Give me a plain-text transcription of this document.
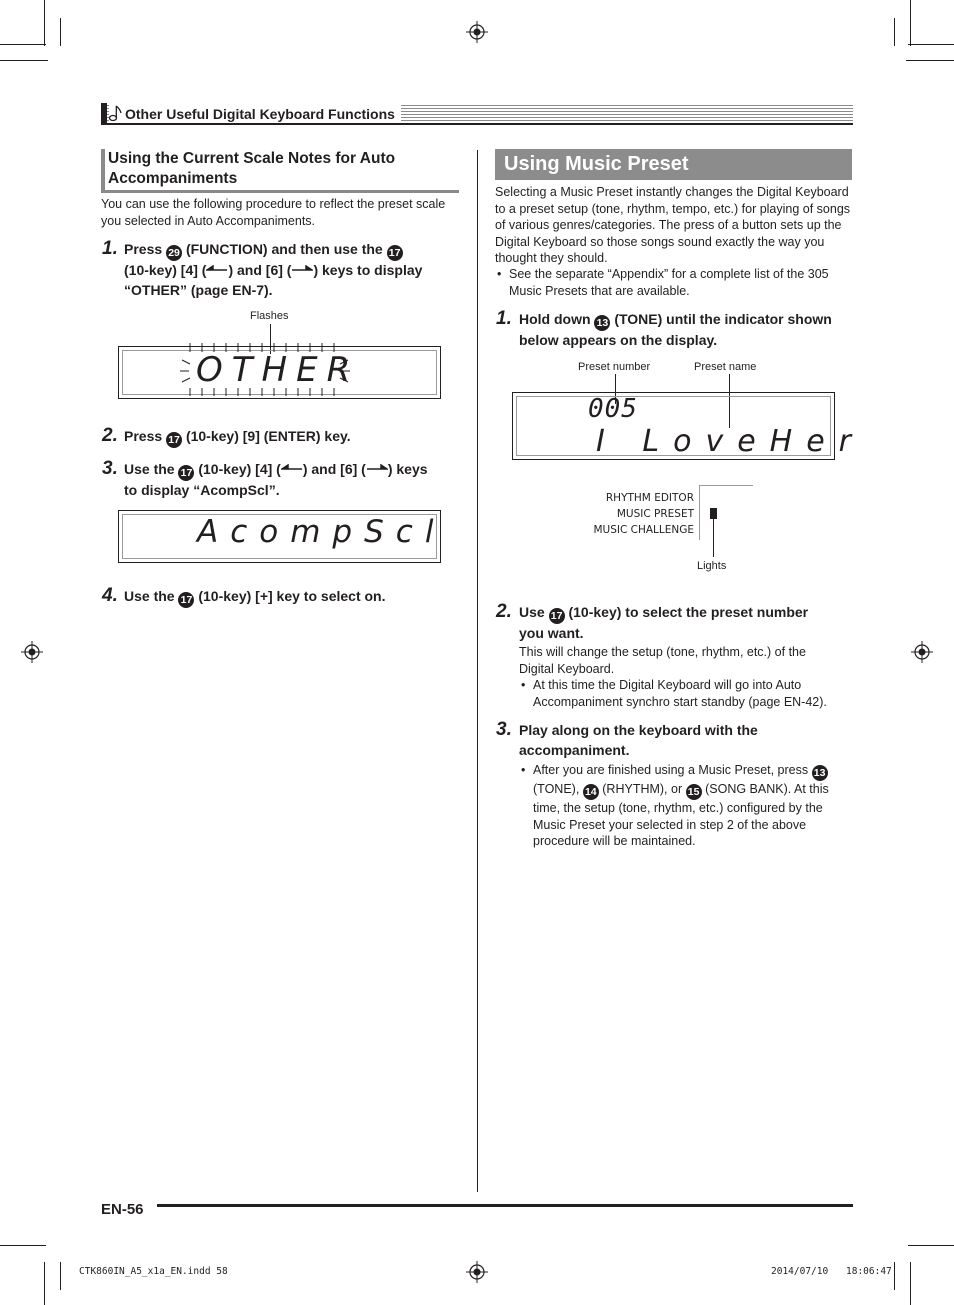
Other Useful Digital Keyboard Functions
Using the Current Scale Notes for Auto Accompaniments
You can use the following procedure to reflect the preset scale you selected in Auto Accompaniments.
1. Press 29 (FUNCTION) and then use the 17
(10-key) [4] ( ) and [6] ( ) keys to display
“OTHER” (page EN-7).
Flashes
OTHER
2. Press 17 (10-key) [9] (ENTER) key.
3. Use the 17 (10-key) [4] ( ) and [6] ( ) keys
to display “AcompScl”.
AcompScl
4. Use the 17 (10-key) [+] key to select on.
Using Music Preset
Selecting a Music Preset instantly changes the Digital Keyboard to a preset setup (tone, rhythm, tempo, etc.) for playing of songs of various genres/categories. The press of a button sets up the Digital Keyboard so those songs sound exactly the way you thought they should.
• See the separate “Appendix” for a complete list of the 305 Music Presets that are available.
1. Hold down 13 (TONE) until the indicator shown
below appears on the display.
Preset number	Preset name
005
I LoveHer
RHYTHM EDITOR
MUSIC PRESET
MUSIC CHALLENGE
Lights
2. Use 17 (10-key) to select the preset number
you want.
This will change the setup (tone, rhythm, etc.) of the Digital Keyboard.
• At this time the Digital Keyboard will go into Auto Accompaniment synchro start standby (page EN-42).
3. Play along on the keyboard with the
accompaniment.
• After you are finished using a Music Preset, press 13
(TONE), 14 (RHYTHM), or 15 (SONG BANK). At this
time, the setup (tone, rhythm, etc.) configured by the
Music Preset your selected in step 2 of the above
procedure will be maintained.
EN-56
CTK860IN_A5_x1a_EN.indd 58	2014/07/10 18:06:47
